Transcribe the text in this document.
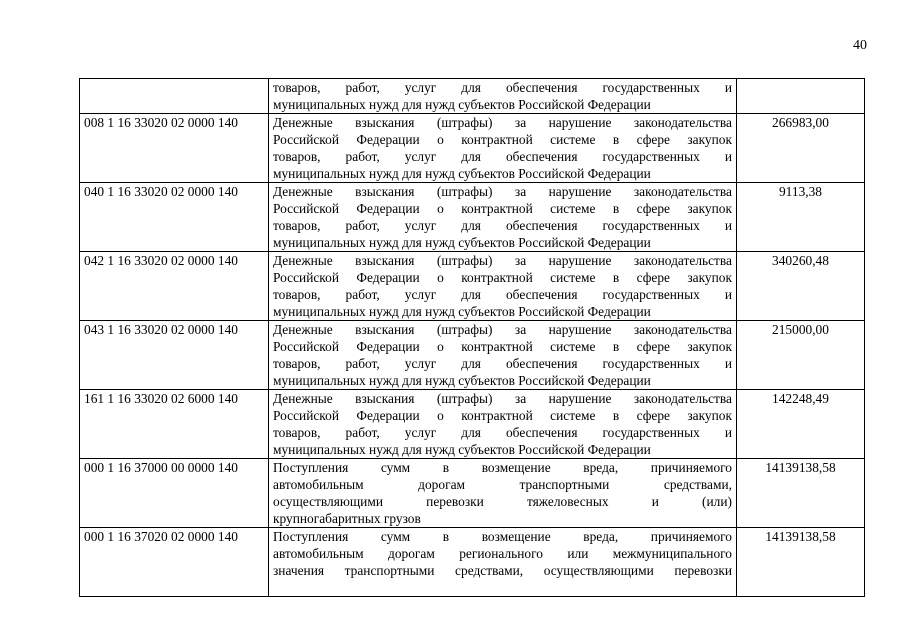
40

	товаров, работ, услуг для обеспечения государственных и
муниципальных нужд для нужд субъектов Российской Федерации	

008 1 16 33020 02 0000 140	Денежные взыскания (штрафы) за нарушение законодательства
Российской Федерации о контрактной системе в сфере закупок
товаров, работ, услуг для обеспечения государственных и
муниципальных нужд для нужд субъектов Российской Федерации	266983,00
040 1 16 33020 02 0000 140	Денежные взыскания (штрафы) за нарушение законодательства
Российской Федерации о контрактной системе в сфере закупок
товаров, работ, услуг для обеспечения государственных и
муниципальных нужд для нужд субъектов Российской Федерации	9113,38
042 1 16 33020 02 0000 140	Денежные взыскания (штрафы) за нарушение законодательства
Российской Федерации о контрактной системе в сфере закупок
товаров, работ, услуг для обеспечения государственных и
муниципальных нужд для нужд субъектов Российской Федерации	340260,48
043 1 16 33020 02 0000 140	Денежные взыскания (штрафы) за нарушение законодательства
Российской Федерации о контрактной системе в сфере закупок
товаров, работ, услуг для обеспечения государственных и
муниципальных нужд для нужд субъектов Российской Федерации	215000,00
161 1 16 33020 02 6000 140	Денежные взыскания (штрафы) за нарушение законодательства
Российской Федерации о контрактной системе в сфере закупок
товаров, работ, услуг для обеспечения государственных и
муниципальных нужд для нужд субъектов Российской Федерации	142248,49
000 1 16 37000 00 0000 140	Поступления сумм в возмещение вреда, причиняемого
автомобильным дорогам транспортными средствами,
осуществляющими перевозки тяжеловесных и (или)
крупногабаритных грузов	14139138,58
000 1 16 37020 02 0000 140	Поступления сумм в возмещение вреда, причиняемого
автомобильным дорогам регионального или межмуниципального
значения транспортными средствами, осуществляющими перевозки	14139138,58
